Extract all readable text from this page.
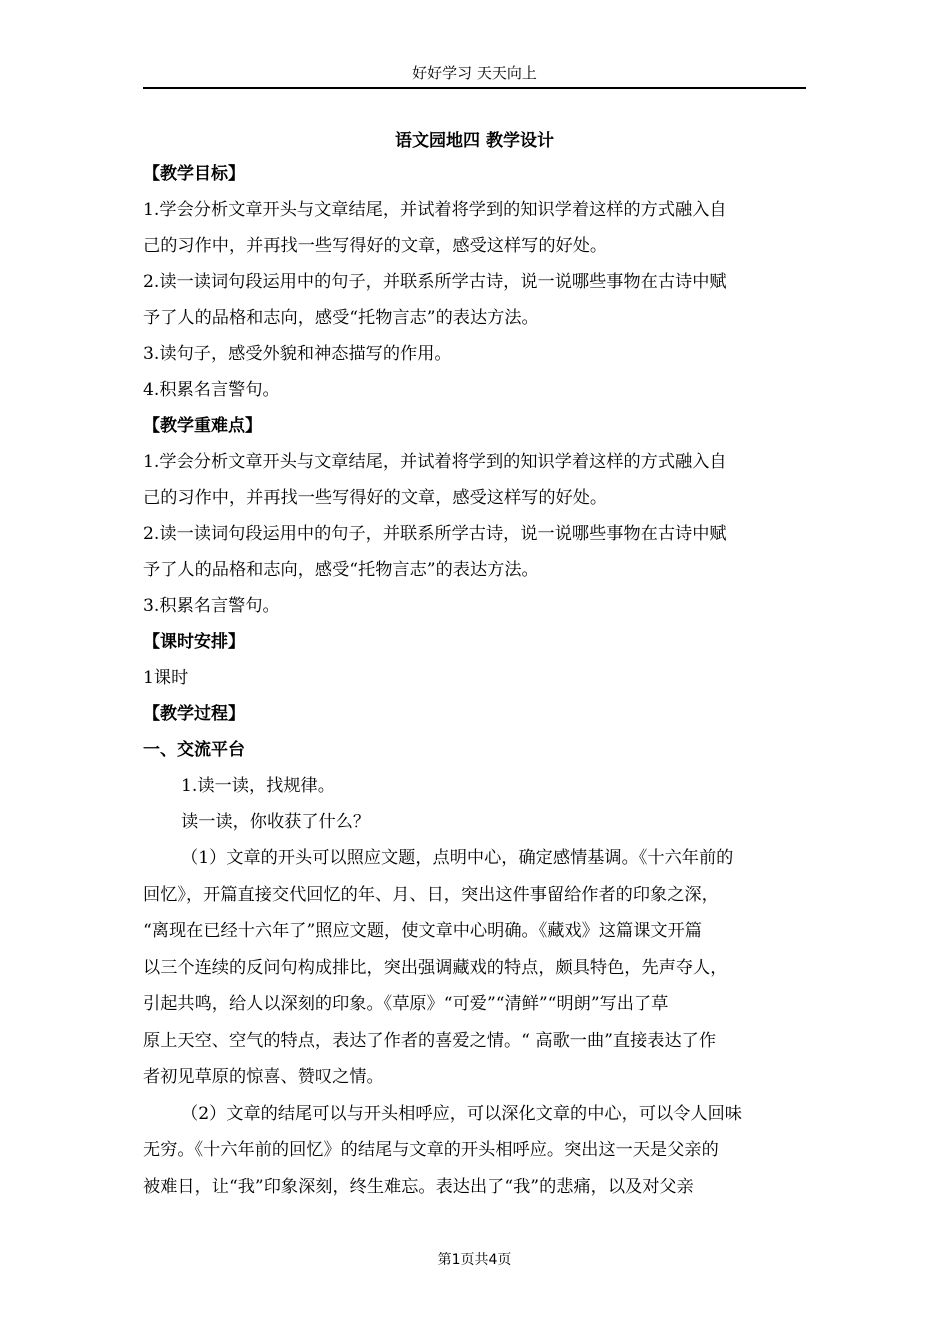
好好学习 天天向上
语文园地四 教学设计
【教学目标】
1.学会分析文章开头与文章结尾，并试着将学到的知识学着这样的方式融入自
己的习作中，并再找一些写得好的文章，感受这样写的好处。
2.读一读词句段运用中的句子，并联系所学古诗，说一说哪些事物在古诗中赋
予了人的品格和志向，感受“托物言志”的表达方法。
3.读句子，感受外貌和神态描写的作用。
4.积累名言警句。
【教学重难点】
1.学会分析文章开头与文章结尾，并试着将学到的知识学着这样的方式融入自
己的习作中，并再找一些写得好的文章，感受这样写的好处。
2.读一读词句段运用中的句子，并联系所学古诗，说一说哪些事物在古诗中赋
予了人的品格和志向，感受“托物言志”的表达方法。
3.积累名言警句。
【课时安排】
1课时
【教学过程】
一、交流平台
1.读一读，找规律。
读一读，你收获了什么？
（1）文章的开头可以照应文题，点明中心，确定感情基调。《十六年前的
回忆》，开篇直接交代回忆的年、月、日，突出这件事留给作者的印象之深，
“离现在已经十六年了”照应文题，使文章中心明确。《藏戏》这篇课文开篇
以三个连续的反问句构成排比，突出强调藏戏的特点，颇具特色，先声夺人，
引起共鸣，给人以深刻的印象。《草原》“可爱”“清鲜”“明朗”写出了草
原上天空、空气的特点，表达了作者的喜爱之情。“ 高歌一曲”直接表达了作
者初见草原的惊喜、赞叹之情。
（2）文章的结尾可以与开头相呼应，可以深化文章的中心，可以令人回味
无穷。《十六年前的回忆》的结尾与文章的开头相呼应。突出这一天是父亲的
被难日，让“我”印象深刻，终生难忘。表达出了“我”的悲痛，以及对父亲
第1页共4页
